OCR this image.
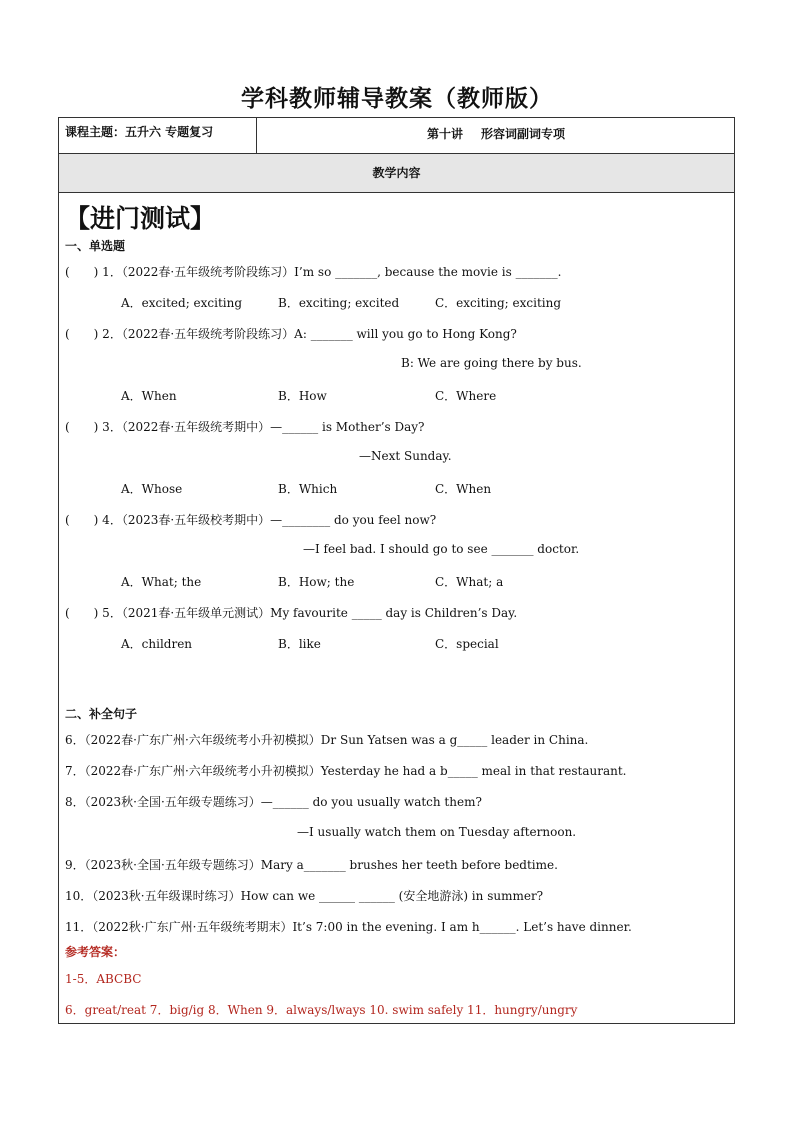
学科教师辅导教案（教师版）
课程主题：五升六 专题复习	第十讲 形容词副词专项
教学内容
【进门测试】
一、单选题
(　　) 1．（2022春·五年级统考阶段练习）I’m so _______, because the movie is _______.
A．excited; exciting	B．exciting; excited	C．exciting; exciting
(　　) 2．（2022春·五年级统考阶段练习）A: _______ will you go to Hong Kong?
B: We are going there by bus.
A．When	B．How	C．Where
(　　) 3．（2022春·五年级统考期中）—______ is Mother’s Day?
—Next Sunday.
A．Whose	B．Which	C．When
(　　) 4．（2023春·五年级校考期中）—________ do you feel now?
—I feel bad. I should go to see _______ doctor.
A．What; the	B．How; the	C．What; a
(　　) 5．（2021春·五年级单元测试）My favourite _____ day is Children’s Day.
A．children	B．like	C．special
二、补全句子
6．（2022春·广东广州·六年级统考小升初模拟）Dr Sun Yatsen was a g_____ leader in China.
7．（2022春·广东广州·六年级统考小升初模拟）Yesterday he had a b_____ meal in that restaurant.
8．（2023秋·全国·五年级专题练习）—______ do you usually watch them?
—I usually watch them on Tuesday afternoon.
9．（2023秋·全国·五年级专题练习）Mary a_______ brushes her teeth before bedtime.
10．（2023秋·五年级课时练习）How can we ______ ______ (安全地游泳) in summer?
11．（2022秋·广东广州·五年级统考期末）It’s 7:00 in the evening. I am h______. Let’s have dinner.
参考答案：
1-5．ABCBC
6．great/reat 7．big/ig 8．When 9．always/lways 10. swim safely 11．hungry/ungry
